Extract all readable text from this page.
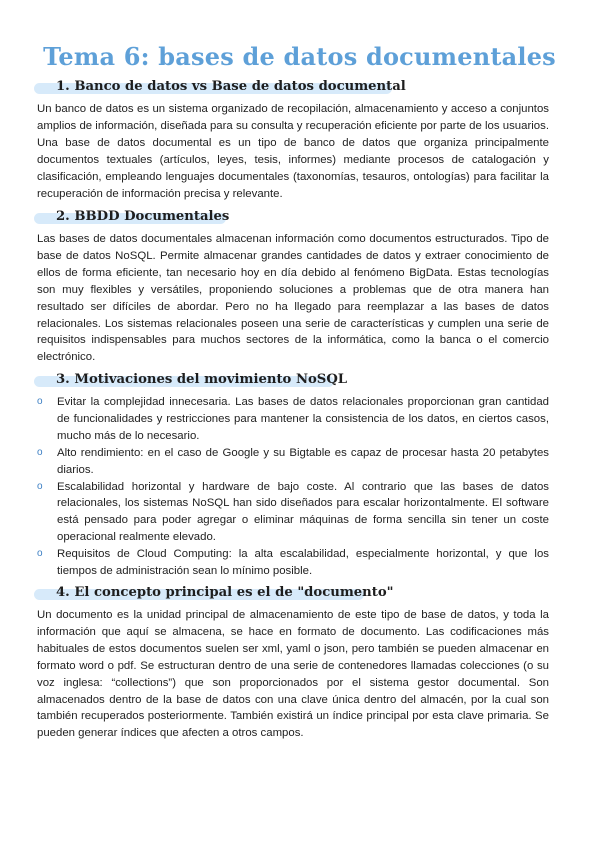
Tema 6: bases de datos documentales
1. Banco de datos vs Base de datos documental

Un banco de datos es un sistema organizado de recopilación, almacenamiento y acceso a conjuntos amplios de información, diseñada para su consulta y recuperación eficiente por parte de los usuarios. Una base de datos documental es un tipo de banco de datos que organiza principalmente documentos textuales (artículos, leyes, tesis, informes) mediante procesos de catalogación y clasificación, empleando lenguajes documentales (taxonomías, tesauros, ontologías) para facilitar la recuperación de información precisa y relevante.

2. BBDD Documentales

Las bases de datos documentales almacenan información como documentos estructurados. Tipo de base de datos NoSQL. Permite almacenar grandes cantidades de datos y extraer conocimiento de ellos de forma eficiente, tan necesario hoy en día debido al fenómeno BigData. Estas tecnologías son muy flexibles y versátiles, proponiendo soluciones a problemas que de otra manera han resultado ser difíciles de abordar. Pero no ha llegado para reemplazar a las bases de datos relacionales. Los sistemas relacionales poseen una serie de características y cumplen una serie de requisitos indispensables para muchos sectores de la informática, como la banca o el comercio electrónico.

3. Motivaciones del movimiento NoSQL
o Evitar la complejidad innecesaria. Las bases de datos relacionales proporcionan gran cantidad de funcionalidades y restricciones para mantener la consistencia de los datos, en ciertos casos, mucho más de lo necesario.
o Alto rendimiento: en el caso de Google y su Bigtable es capaz de procesar hasta 20 petabytes diarios.
o Escalabilidad horizontal y hardware de bajo coste. Al contrario que las bases de datos relacionales, los sistemas NoSQL han sido diseñados para escalar horizontalmente. El software está pensado para poder agregar o eliminar máquinas de forma sencilla sin tener un coste operacional realmente elevado.
o Requisitos de Cloud Computing: la alta escalabilidad, especialmente horizontal, y que los tiempos de administración sean lo mínimo posible.
4. El concepto principal es el de "documento"

Un documento es la unidad principal de almacenamiento de este tipo de base de datos, y toda la información que aquí se almacena, se hace en formato de documento. Las codificaciones más habituales de estos documentos suelen ser xml, yaml o json, pero también se pueden almacenar en formato word o pdf. Se estructuran dentro de una serie de contenedores llamadas colecciones (o su voz inglesa: “collections”) que son proporcionados por el sistema gestor documental. Son almacenados dentro de la base de datos con una clave única dentro del almacén, por la cual son también recuperados posteriormente. También existirá un índice principal por esta clave primaria. Se pueden generar índices que afecten a otros campos.
